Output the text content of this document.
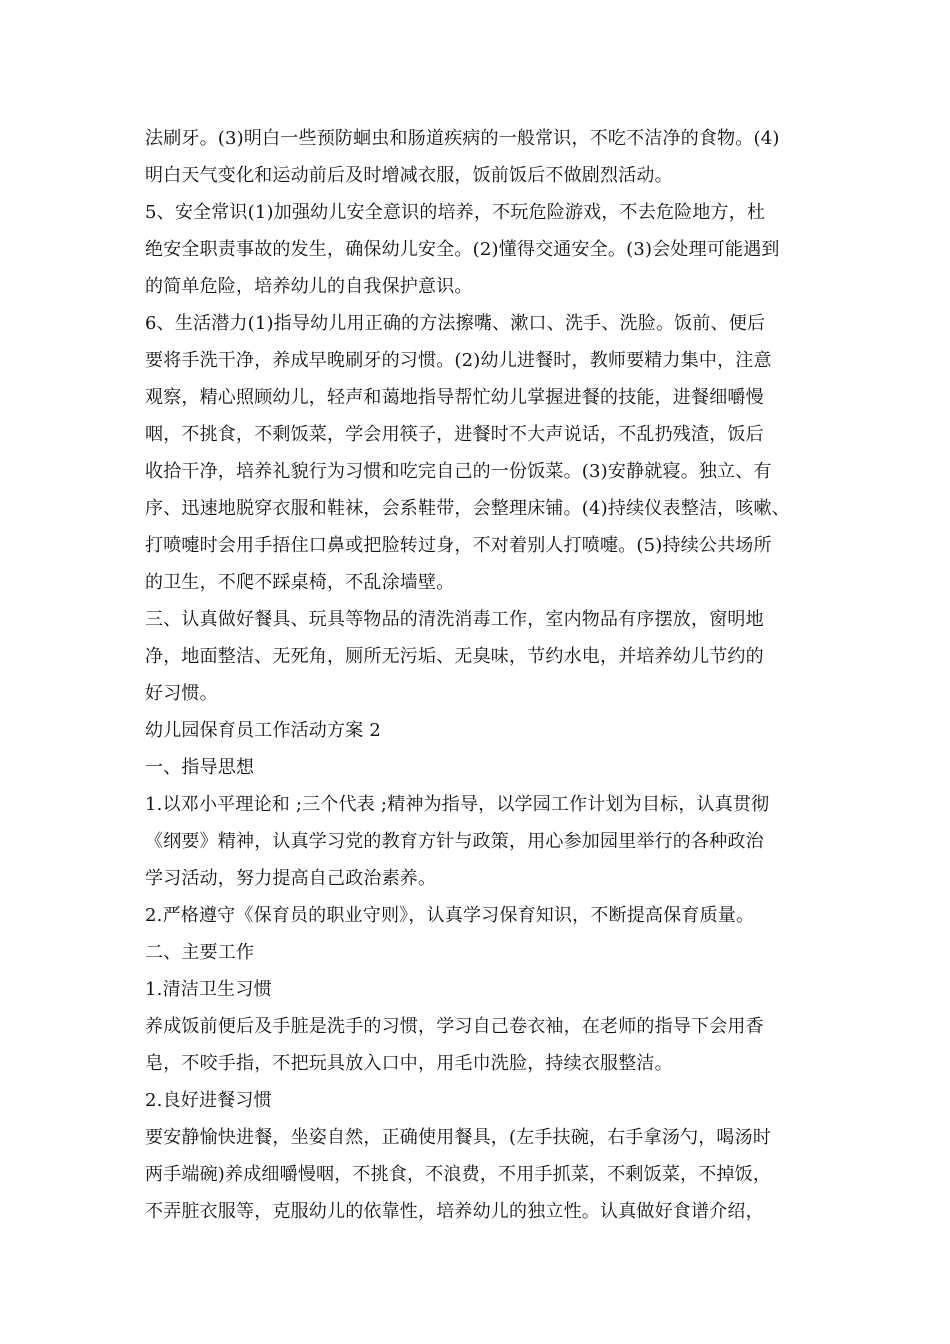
法刷牙。(3)明白一些预防蛔虫和肠道疾病的一般常识，不吃不洁净的食物。(4)
明白天气变化和运动前后及时增减衣服，饭前饭后不做剧烈活动。
5、安全常识(1)加强幼儿安全意识的培养，不玩危险游戏，不去危险地方，杜
绝安全职责事故的发生，确保幼儿安全。(2)懂得交通安全。(3)会处理可能遇到
的简单危险，培养幼儿的自我保护意识。
6、生活潜力(1)指导幼儿用正确的方法擦嘴、漱口、洗手、洗脸。饭前、便后
要将手洗干净，养成早晚刷牙的习惯。(2)幼儿进餐时，教师要精力集中，注意
观察，精心照顾幼儿，轻声和蔼地指导帮忙幼儿掌握进餐的技能，进餐细嚼慢
咽，不挑食，不剩饭菜，学会用筷子，进餐时不大声说话，不乱扔残渣，饭后
收拾干净，培养礼貌行为习惯和吃完自己的一份饭菜。(3)安静就寝。独立、有
序、迅速地脱穿衣服和鞋袜，会系鞋带，会整理床铺。(4)持续仪表整洁，咳嗽、
打喷嚏时会用手捂住口鼻或把脸转过身，不对着别人打喷嚏。(5)持续公共场所
的卫生，不爬不踩桌椅，不乱涂墙壁。
三、认真做好餐具、玩具等物品的清洗消毒工作，室内物品有序摆放，窗明地
净，地面整洁、无死角，厕所无污垢、无臭味，节约水电，并培养幼儿节约的
好习惯。
幼儿园保育员工作活动方案 2
一、指导思想
1.以邓小平理论和 ;三个代表 ;精神为指导，以学园工作计划为目标，认真贯彻
《纲要》精神，认真学习党的教育方针与政策，用心参加园里举行的各种政治
学习活动，努力提高自己政治素养。
2.严格遵守《保育员的职业守则》，认真学习保育知识，不断提高保育质量。
二、主要工作
1.清洁卫生习惯
养成饭前便后及手脏是洗手的习惯，学习自己卷衣袖，在老师的指导下会用香
皂，不咬手指，不把玩具放入口中，用毛巾洗脸，持续衣服整洁。
2.良好进餐习惯
要安静愉快进餐，坐姿自然，正确使用餐具，(左手扶碗，右手拿汤勺，喝汤时
两手端碗)养成细嚼慢咽，不挑食，不浪费，不用手抓菜，不剩饭菜，不掉饭，
不弄脏衣服等，克服幼儿的依靠性，培养幼儿的独立性。认真做好食谱介绍，
